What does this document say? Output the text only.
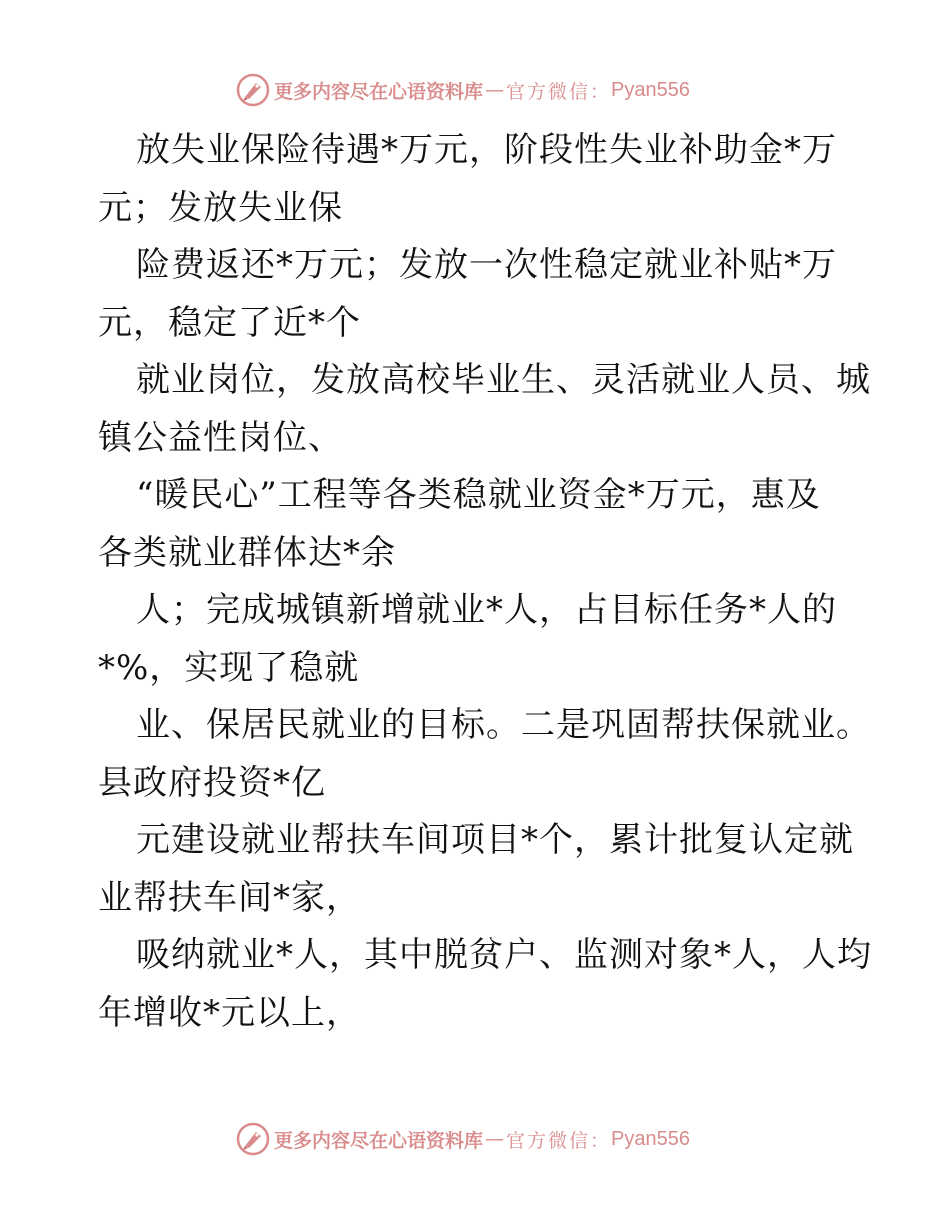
更多内容尽在心语资料库 — 官方微信： Pyan556
放失业保险待遇*万元，阶段性失业补助金*万
元；发放失业保
险费返还*万元；发放一次性稳定就业补贴*万
元，稳定了近*个
就业岗位，发放高校毕业生、灵活就业人员、城
镇公益性岗位、
“暖民心”工程等各类稳就业资金*万元，惠及
各类就业群体达*余
人；完成城镇新增就业*人，占目标任务*人的
*%，实现了稳就
业、保居民就业的目标。二是巩固帮扶保就业。
县政府投资*亿
元建设就业帮扶车间项目*个，累计批复认定就
业帮扶车间*家，
吸纳就业*人，其中脱贫户、监测对象*人，人均
年增收*元以上，
更多内容尽在心语资料库 — 官方微信： Pyan556
